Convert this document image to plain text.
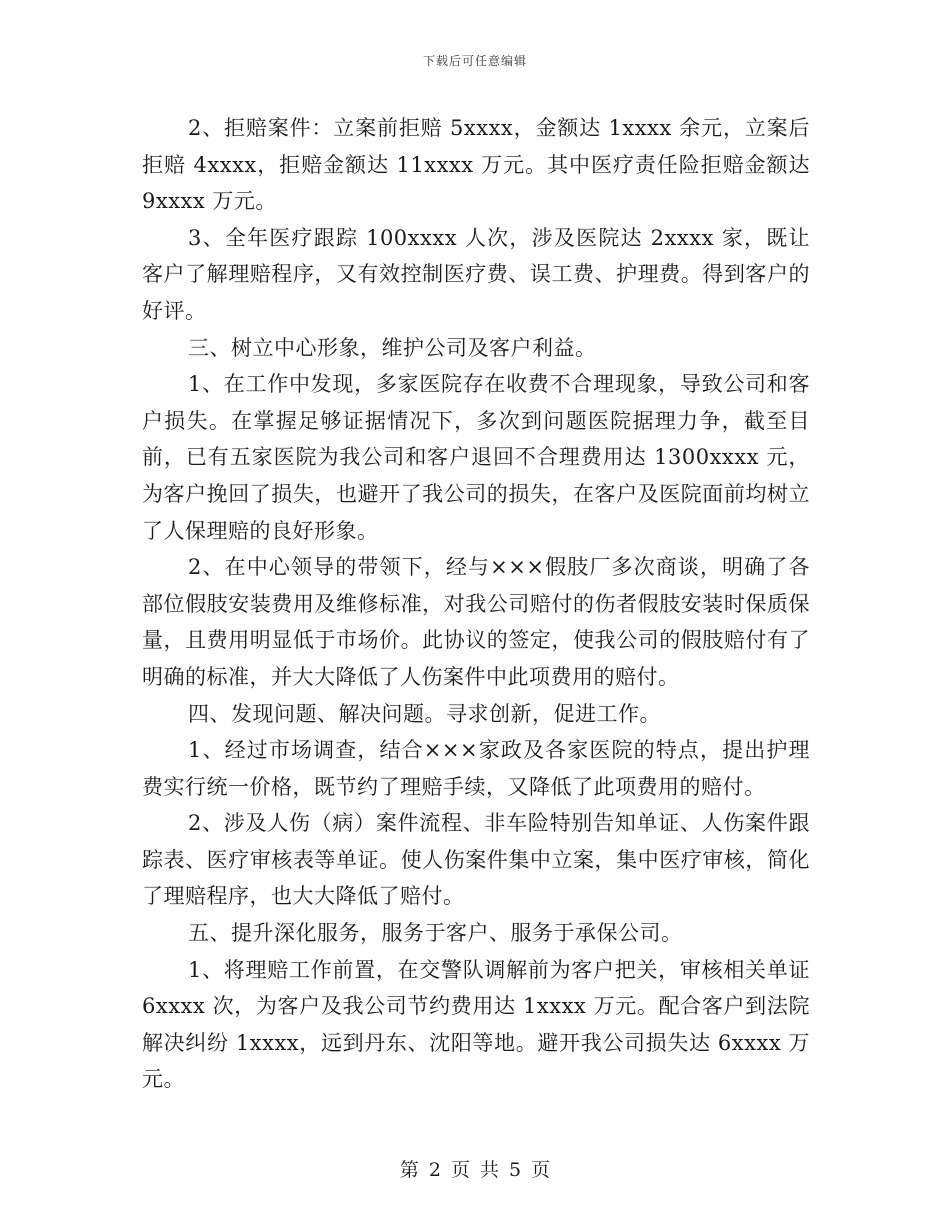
下载后可任意编辑

2、拒赔案件：立案前拒赔 5xxxx，金额达 1xxxx 余元，立案后拒赔 4xxxx，拒赔金额达 11xxxx 万元。其中医疗责任险拒赔金额达 9xxxx 万元。

3、全年医疗跟踪 100xxxx 人次，涉及医院达 2xxxx 家，既让客户了解理赔程序，又有效控制医疗费、误工费、护理费。得到客户的好评。

三、树立中心形象，维护公司及客户利益。

1、在工作中发现，多家医院存在收费不合理现象，导致公司和客户损失。在掌握足够证据情况下，多次到问题医院据理力争，截至目前，已有五家医院为我公司和客户退回不合理费用达 1300xxxx 元，为客户挽回了损失，也避开了我公司的损失，在客户及医院面前均树立了人保理赔的良好形象。

2、在中心领导的带领下，经与×××假肢厂多次商谈，明确了各部位假肢安装费用及维修标准，对我公司赔付的伤者假肢安装时保质保量，且费用明显低于市场价。此协议的签定，使我公司的假肢赔付有了明确的标准，并大大降低了人伤案件中此项费用的赔付。

四、发现问题、解决问题。寻求创新，促进工作。

1、经过市场调查，结合×××家政及各家医院的特点，提出护理费实行统一价格，既节约了理赔手续，又降低了此项费用的赔付。

2、涉及人伤（病）案件流程、非车险特别告知单证、人伤案件跟踪表、医疗审核表等单证。使人伤案件集中立案，集中医疗审核，简化了理赔程序，也大大降低了赔付。

五、提升深化服务，服务于客户、服务于承保公司。

1、将理赔工作前置，在交警队调解前为客户把关，审核相关单证 6xxxx 次，为客户及我公司节约费用达 1xxxx 万元。配合客户到法院解决纠纷 1xxxx，远到丹东、沈阳等地。避开我公司损失达 6xxxx 万元。

第 2 页 共 5 页
